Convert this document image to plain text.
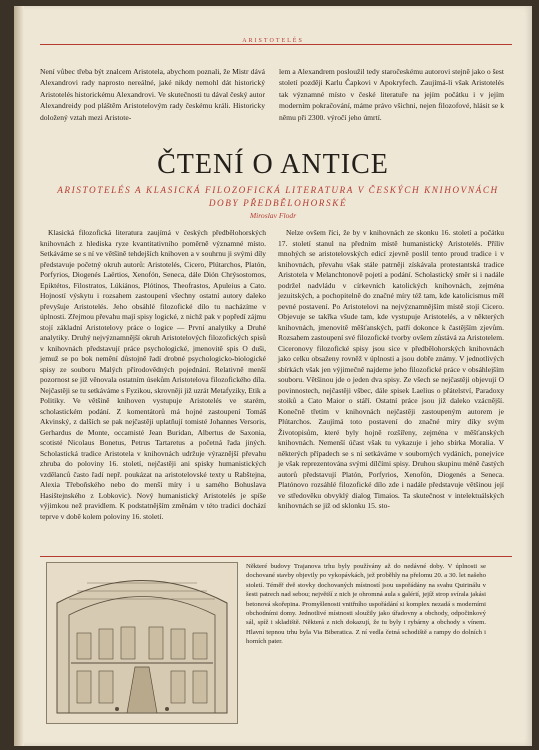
ARISTOTELÉS
Není vůbec třeba být znalcem Aristotela, abychom poznali, že Mistr dává Alexandrovi rady naprosto nereálné, jaké nikdy nemohl dát historický Aristotelés historickému Alexandrovi. Ve skutečnosti tu dával český autor Alexandreidy pod pláštěm Aristotelovým rady českému králi. Historicky doložený vztah mezi Aristote-
lem a Alexandrem posloužil tedy staročeskému autorovi stejně jako o šest století později Karlu Čapkovi v Apokryfech. Zaujímá-li však Aristotelés tak významné místo v české literatuře na jejím počátku i v jejím moderním pokračování, máme právo všichni, nejen filozofové, hlásit se k němu při 2300. výročí jeho úmrtí.
ČTENÍ O ANTICE
ARISTOTELÉS A KLASICKÁ FILOZOFICKÁ LITERATURA V ČESKÝCH KNIHOVNÁCH DOBY PŘEDBĚLOHORSKÉ
Miroslav Flodr

Klasická filozofická literatura zaujímá v českých předbělohorských knihovnách z hlediska ryze kvantitativního poměrně významné místo. Setkáváme se s ní ve většině tehdejších knihoven a v souhrnu ji svými díly představuje početný okruh autorů: Aristotelés, Cicero, Plútarchos, Platón, Porfyrios, Diogenés Laërtios, Xenofón, Seneca, dále Dión Chrýsostomos, Epiktétos, Filostratos, Lúkiános, Plótinos, Theofrastos, Apuleius a Cato. Hojností výskytu i rozsahem zastoupení všechny ostatní autory daleko převyšuje Aristotelés. Jeho obsáhlé filozofické dílo tu nacházíme v úplnosti. Zřejmou převahu mají spisy logické, z nichž pak v popředí zájmu stojí základní Aristotelovy práce o logice — První analytiky a Druhé analytiky. Druhý nejvýznamnější okruh Aristotelových filozofických spisů v knihovnách představují práce psychologické, jmenovitě spis O duši, jemuž se po bok nemění důstojně řadí drobné psychologicko-biologické spisy ze souboru Malých přírodovědných pojednání. Relativně menší pozornost se již věnovala ostatním úsekům Aristotelova filozofického díla. Nejčastěji se tu setkáváme s Fyzikou, skrovněji již uzrát Metafyziky, Etik a Politiky. Ve většině knihoven vystupuje Aristotelés ve starém, scholastickém podání. Z komentátorů má hojné zastoupení Tomáš Akvinský, z dalších se pak nejčastěji uplatňují tomisté Johannes Versoris, Gerhardus de Monte, occamisté Jean Buridan, Albertus de Saxonia, scotisté Nicolaus Bonetus, Petrus Tartaretus a početná řada jiných. Scholastická tradice Aristotela v knihovnách udržuje výraznější převahu zhruba do poloviny 16. století, nejčastěji ani spisky humanistických vzdělanců často řadí nepř. poukázat na aristotelovské texty u Rabštejna, Alexia Třeboňského nebo do menší míry i u samého Bohuslava Hasištejnského z Lobkovic). Nový humanistický Aristotelés je spíše výjimkou než pravidlem. K podstatnějším změnám v této tradici dochází teprve v době kolem poloviny 16. století.

Nelze ovšem říci, že by v knihovnách ze skonku 16. století a počátku 17. století stanul na předním místě humanistický Aristotelés. Příliv mnohých se aristotelovských edicí zjevně poslil tento proud tradice i v knihovnách, převahu však stále patrněji získávala protestantská tradice Aristotela v Melanchtonově pojetí a podání. Scholastický směr si i nadále podržel nadvládu v církevních katolických knihovnách, zejména jezuitských, a pochopitelně do značné míry též tam, kde katolicismus měl pevné postavení. Po Aristotelovi na nejvýznamnějším místě stojí Cicero. Objevuje se takřka všude tam, kde vystupuje Aristotelés, a v některých knihovnách, jmenovitě měšťanských, patří dokonce k častějším zjevům. Rozsahem zastoupení své filozofické tvorby ovšem zůstává za Aristotelem. Ciceronovy filozofické spisy jsou sice v předbělohorských knihovnách jako celku obsaženy rovněž v úplnosti a jsou dobře známy. V jednotlivých sbírkách však jen výjimečně najdeme jeho filozofické práce v obsáhlejším souboru. Většinou jde o jeden dva spisy. Ze všech se nejčastěji objevují O povinnostech, nejčastěji všbec, dále spisek Laelius o přátelství, Paradoxy stoiků a Cato Maior o stáří. Ostatní práce jsou již daleko vzácnější. Konečně třetím v knihovnách nejčastěji zastoupeným autorem je Plútarchos. Zaujímá toto postavení do značné míry díky svým Životopisům, které byly hojně rozšířeny, zejména v měšťanských knihovnách. Nemenší účast však tu vykazuje i jeho sbírka Moralia. V některých případech se s ní setkáváme v souborných vydáních, ponejvíce je však reprezentována svými dílčími spisy. Druhou skupinu méně častých autorů představují Platón, Porfyrios, Xenofón, Diogenés a Seneca. Platónovo rozsáhlé filozofické dílo zde i nadále představuje většinou její ve středověku obvyklý dialog Timaios. Ta skutečnost v intelektuálských knihovnách se již od sklonku 15. sto-

Některé budovy Trajanova trhu byly používány až do nedávné doby. V úplnosti se dochované stavby objevily po vykopávkách, jež proběhly na přelomu 20. a 30. let našeho století. Téměř dvě stovky dochovaných místností jsou uspořádány na svahu Quirinálu v šesti patrech nad sebou; největší z nich je ohromná aula s galérií, jejíž strop svírala jakási betonová skořepina. Promyšlenosti vnitřního uspořádání si komplex nezadá s moderními obchodními domy. Jednotlivé místnosti sloužily jako úřadovny a obchody, odpočinkový sál, spíž i skladiště. Některá z nich dokazují, že tu byly i rybárny a obchody s vínem. Hlavní tepnou trhu byla Via Biberatica. Z ní vedla četná schodiště a rampy do dolních i horních pater.
